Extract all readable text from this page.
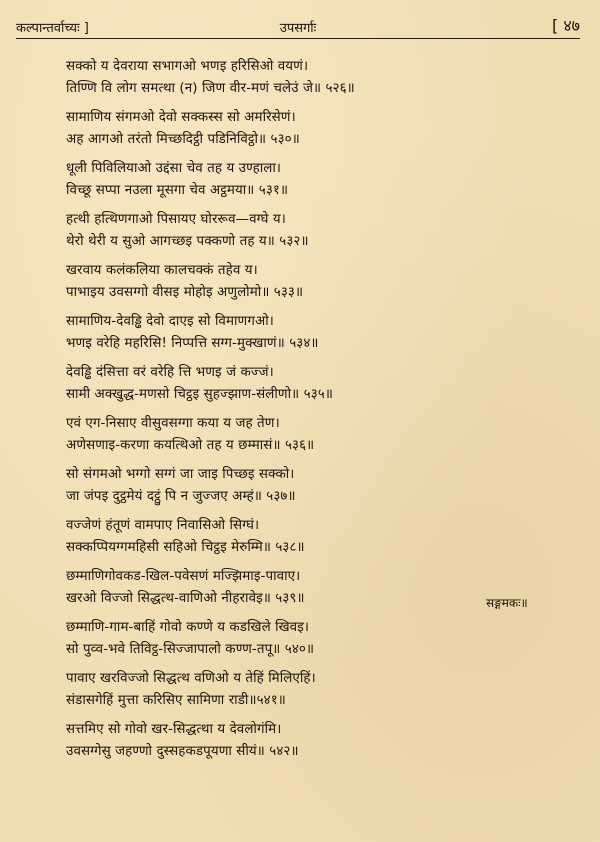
कल्पान्तर्वाच्यः ]	उपसर्गाः	[ ४७
सक्को य देवराया सभागओ भणइ हरिसिओ वयणं।
तिण्णि वि लोग समत्था (न) जिण वीर-मणं चलेउं जे॥ ५२६॥
सामाणिय संगमओ देवो सक्कस्स सो अमरिसेणं।
अह आगओ तरंतो मिच्छदिट्ठी पडिनिविट्ठो॥ ५३०॥
धूली पिविलियाओ उद्दंसा चेव तह य उण्हाला।
विच्छू सप्पा नउला मूसगा चेव अट्ठमया॥ ५३१॥
हत्थी हत्थिणगाओ पिसायए घोररूव—वग्घे य।
थेरो थेरी य सुओ आगच्छइ पक्कणो तह य॥ ५३२॥
खरवाय कलंकलिया कालचक्कं तहेव य।
पाभाइय उवसग्गो वीसइ मोहोइ अणुलोमो॥ ५३३॥
सामाणिय-देवड्ढि देवो दाएइ सो विमाणगओ।
भणइ वरेहि महरिसि! निप्पत्ति सग्ग-मुक्खाणं॥ ५३४॥
देवड्ढि दंसित्ता वरं वरेहि त्ति भणइ जं कज्जं।
सामी अक्खुद्ध-मणसो चिट्ठइ सुहज्झाण-संलीणो॥ ५३५॥
एवं एग-निसाए वीसुवसग्गा कया य जह तेण।
अणेसणाइ-करणा कयत्थिओ तह य छम्मासं॥ ५३६॥
सो संगमओ भग्गो सग्गं जा जाइ पिच्छइ सक्को।
जा जंपइ दुट्ठमेयं दट्ठुं पि न जुज्जए अम्हं॥ ५३७॥
वज्जेणं हंतूणं वामपाए निवासिओ सिग्घं।
सक्कप्पियग्गमहिसी सहिओ चिट्ठइ मेरुम्मि॥ ५३८॥
छम्माणिगोवकड-खिल-पवेसणं मज्झिमाइ-पावाए।
खरओ विज्जो सिद्धत्थ-वाणिओ नीहरावेइ॥ ५३९॥
छम्माणि-गाम-बाहिं गोवो कण्णे य कडखिले खिवइ।
सो पुव्व-भवे तिविट्ठ-सिज्जापालो कण्ण-तपू॥ ५४०॥
पावाए खरविज्जो सिद्धत्थ वणिओ य तेहिं मिलिएहिं।
संडासगेहिं मुत्ता करिसिए सामिणा राडी॥५४१॥
सत्तमिए सो गोवो खर-सिद्धत्था य देवलोगंमि।
उवसग्गेसु जहण्णो दुस्सहकडपूयणा सीयं॥ ५४२॥
सङ्गमकः॥
